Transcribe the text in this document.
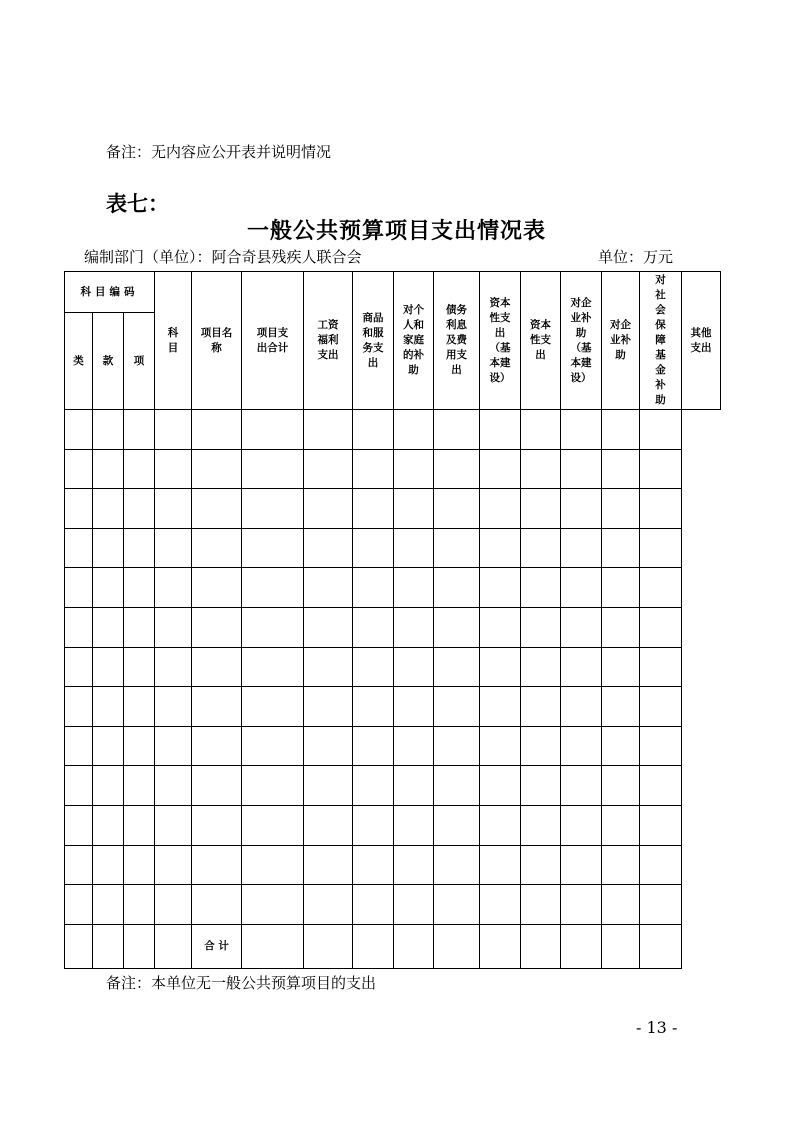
备注：无内容应公开表并说明情况
表七：
一般公共预算项目支出情况表
编制部门（单位）：阿合奇县残疾人联合会	单位：万元
科目编码			科目	项目名称	项目支出合计	工资福利支出	商品和服务支出	对个人和家庭的补助	债务利息及费用支出	资本性支出（基本建设）	资本性支出	对企业补助（基本建设）	对企业补助	对社会保障基金补助	其他支出
类	款	项													

				合 计											
备注：本单位无一般公共预算项目的支出
- 13 -
